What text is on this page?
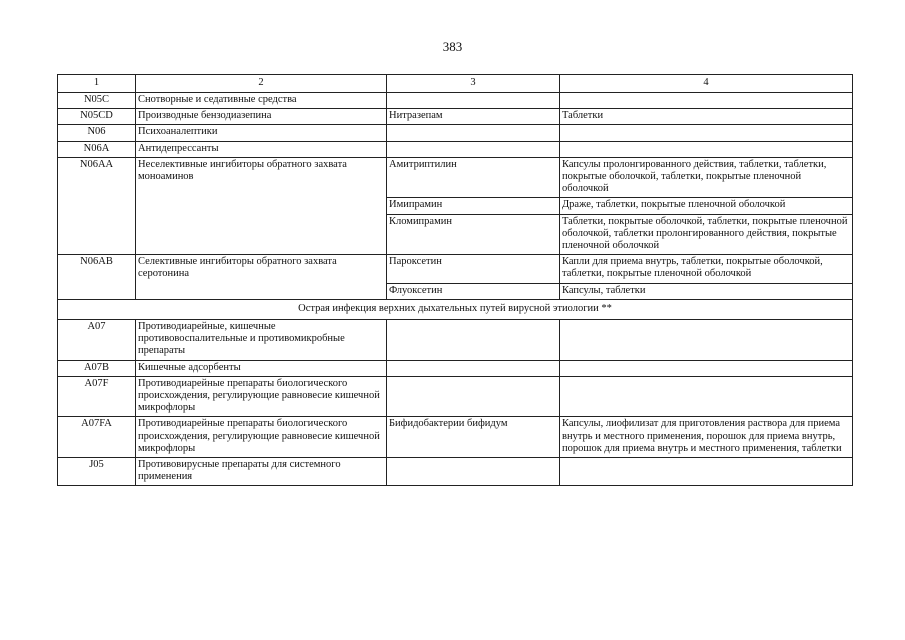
383
1	2	3	4
N05C	Снотворные и седативные средства		
N05CD	Производные бензодиазепина	Нитразепам	Таблетки
N06	Психоаналептики		
N06A	Антидепрессанты		
N06AA	Неселективные ингибиторы обратного захвата моноаминов	Амитриптилин	Капсулы пролонгированного действия, таблетки, таблетки, покрытые оболочкой, таблетки, покрытые пленочной оболочкой
		Имипрамин	Драже, таблетки, покрытые пленочной оболочкой
		Кломипрамин	Таблетки, покрытые оболочкой, таблетки, покрытые пленочной оболочкой, таблетки пролонгированного действия, покрытые пленочной оболочкой
N06AB	Селективные ингибиторы обратного захвата серотонина	Пароксетин	Капли для приема внутрь, таблетки, покрытые оболочкой, таблетки, покрытые пленочной оболочкой
		Флуоксетин	Капсулы, таблетки
Острая инфекция верхних дыхательных путей вирусной этиологии **			
A07	Противодиарейные, кишечные противовоспалительные и противомикробные препараты		
A07B	Кишечные адсорбенты		
A07F	Противодиарейные препараты биологического происхождения, регулирующие равновесие кишечной микрофлоры		
A07FA	Противодиарейные препараты биологического происхождения, регулирующие равновесие кишечной микрофлоры	Бифидобактерии бифидум	Капсулы, лиофилизат для приготовления раствора для приема внутрь и местного применения, порошок для приема внутрь, порошок для приема внутрь и местного применения, таблетки
J05	Противовирусные препараты для системного применения		
